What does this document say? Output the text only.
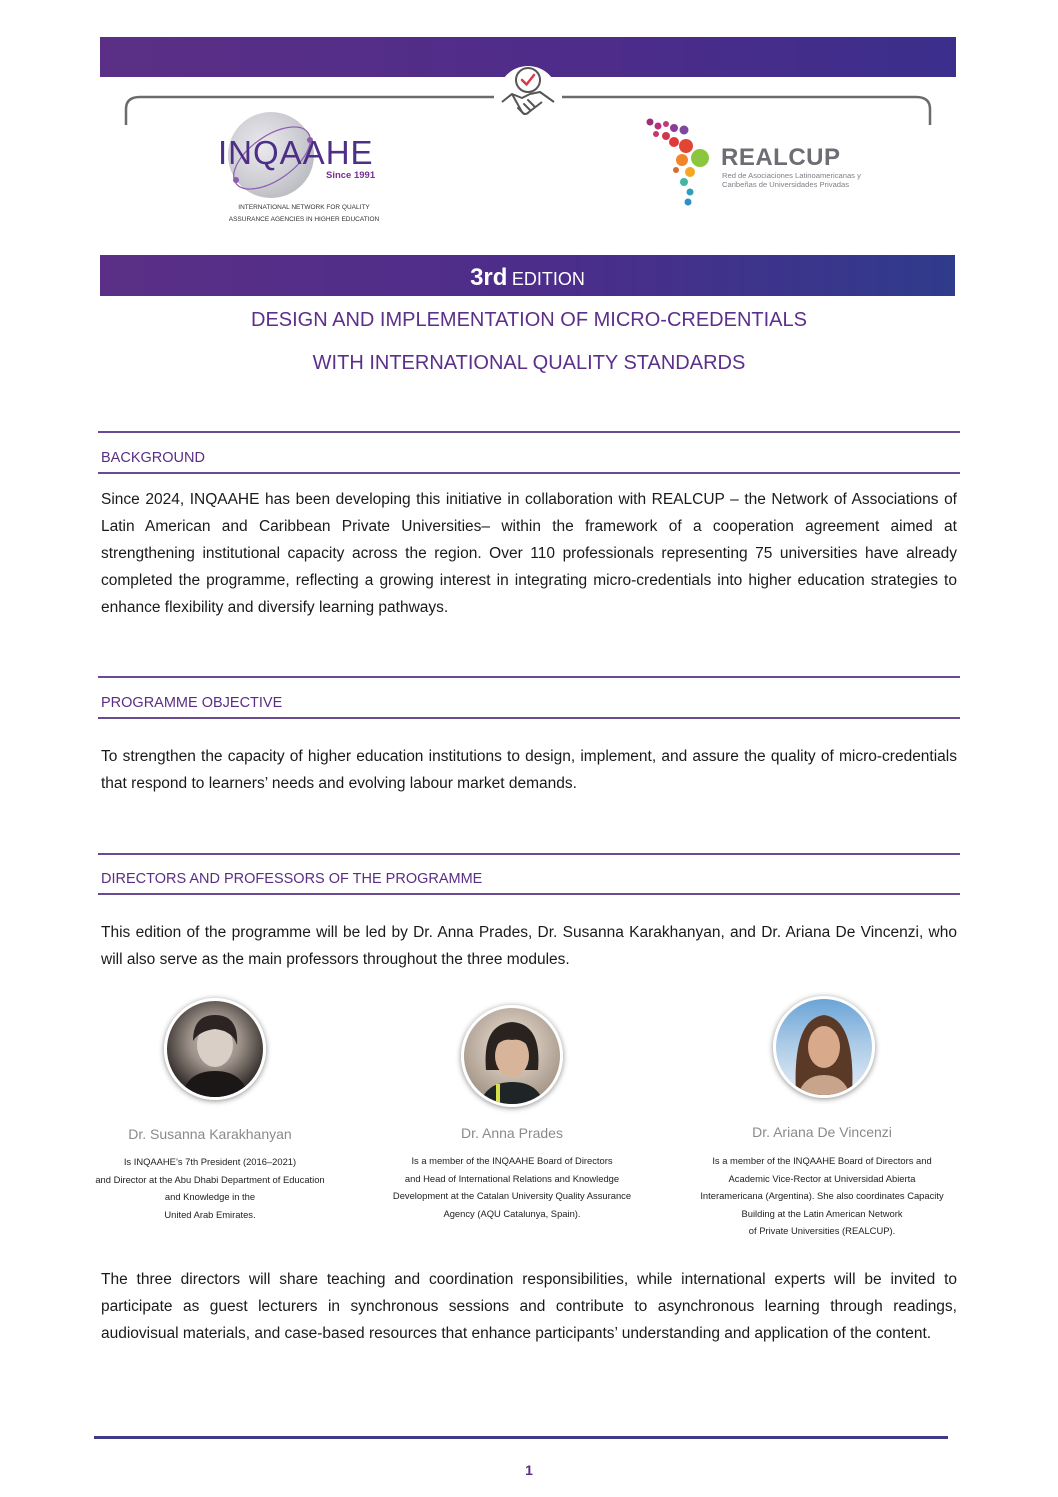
INQAAHE
Since 1991
INTERNATIONAL NETWORK FOR QUALITY
ASSURANCE AGENCIES IN HIGHER EDUCATION
REALCUP
Red de Asociaciones Latinoamericanas y
Caribeñas de Universidades Privadas
3rd EDITION
DESIGN AND IMPLEMENTATION OF MICRO-CREDENTIALS
WITH INTERNATIONAL QUALITY STANDARDS
BACKGROUND
Since 2024, INQAAHE has been developing this initiative in collaboration with REALCUP – the Network of Associations of Latin American and Caribbean Private Universities– within the framework of a cooperation agreement aimed at strengthening institutional capacity across the region. Over 110 professionals representing 75 universities have already completed the programme, reflecting a growing interest in integrating micro-credentials into higher education strategies to enhance flexibility and diversify learning pathways.
PROGRAMME OBJECTIVE
To strengthen the capacity of higher education institutions to design, implement, and assure the quality of micro-credentials that respond to learners’ needs and evolving labour market demands.
DIRECTORS AND PROFESSORS OF THE PROGRAMME
This edition of the programme will be led by Dr. Anna Prades, Dr. Susanna Karakhanyan, and Dr. Ariana De Vincenzi, who will also serve as the main professors throughout the three modules.
Dr. Susanna Karakhanyan	Dr. Anna Prades	Dr. Ariana De Vincenzi
Is INQAAHE’s 7th President (2016–2021)
and Director at the Abu Dhabi Department of Education
and Knowledge in the
United Arab Emirates.
Is a member of the INQAAHE Board of Directors
and Head of International Relations and Knowledge
Development at the Catalan University Quality Assurance
Agency (AQU Catalunya, Spain).
Is a member of the INQAAHE Board of Directors and
Academic Vice-Rector at Universidad Abierta
Interamericana (Argentina). She also coordinates Capacity
Building at the Latin American Network
of Private Universities (REALCUP).
The three directors will share teaching and coordination responsibilities, while international experts will be invited to participate as guest lecturers in synchronous sessions and contribute to asynchronous learning through readings, audiovisual materials, and case-based resources that enhance participants’ understanding and application of the content.
1
